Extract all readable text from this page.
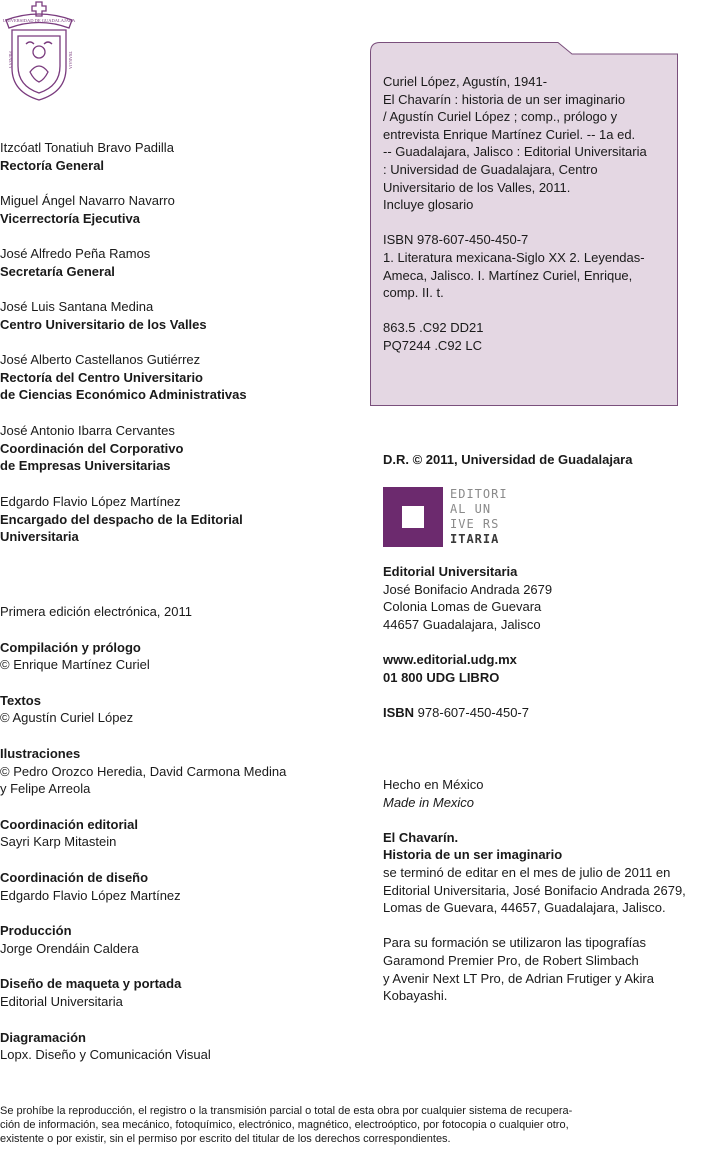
UNIVERSIDAD DE GUADALAJARA
PIENSA Y	TRABAJA
Itzcóatl Tonatiuh Bravo Padilla
Rectoría General
Miguel Ángel Navarro Navarro
Vicerrectoría Ejecutiva
José Alfredo Peña Ramos
Secretaría General
José Luis Santana Medina
Centro Universitario de los Valles
José Alberto Castellanos Gutiérrez
Rectoría del Centro Universitario
de Ciencias Económico Administrativas
José Antonio Ibarra Cervantes
Coordinación del Corporativo
de Empresas Universitarias
Edgardo Flavio López Martínez
Encargado del despacho de la Editorial
Universitaria
Primera edición electrónica, 2011
Compilación y prólogo
© Enrique Martínez Curiel
Textos
© Agustín Curiel López
Ilustraciones
© Pedro Orozco Heredia, David Carmona Medina
y Felipe Arreola
Coordinación editorial
Sayri Karp Mitastein
Coordinación de diseño
Edgardo Flavio López Martínez
Producción
Jorge Orendáin Caldera
Diseño de maqueta y portada
Editorial Universitaria
Diagramación
Lopx. Diseño y Comunicación Visual
Curiel López, Agustín, 1941-
El Chavarín : historia de un ser imaginario
/ Agustín Curiel López ; comp., prólogo y
entrevista Enrique Martínez Curiel. -- 1a ed.
-- Guadalajara, Jalisco : Editorial Universitaria
: Universidad de Guadalajara, Centro
Universitario de los Valles, 2011.
Incluye glosario
ISBN 978-607-450-450-7
1. Literatura mexicana-Siglo XX 2. Leyendas-
Ameca, Jalisco. I. Martínez Curiel, Enrique,
comp. II. t.
863.5 .C92 DD21
PQ7244 .C92 LC
D.R. © 2011, Universidad de Guadalajara
EDITORI
AL UN
IVE RS
ITARIA
Editorial Universitaria
José Bonifacio Andrada 2679
Colonia Lomas de Guevara
44657 Guadalajara, Jalisco
www.editorial.udg.mx
01 800 UDG LIBRO
ISBN 978-607-450-450-7
Hecho en México
Made in Mexico
El Chavarín.
Historia de un ser imaginario
se terminó de editar en el mes de julio de 2011 en
Editorial Universitaria, José Bonifacio Andrada 2679,
Lomas de Guevara, 44657, Guadalajara, Jalisco.
Para su formación se utilizaron las tipografías
Garamond Premier Pro, de Robert Slimbach
y Avenir Next LT Pro, de Adrian Frutiger y Akira
Kobayashi.
Se prohíbe la reproducción, el registro o la transmisión parcial o total de esta obra por cualquier sistema de recupera-
ción de información, sea mecánico, fotoquímico, electrónico, magnético, electroóptico, por fotocopia o cualquier otro,
existente o por existir, sin el permiso por escrito del titular de los derechos correspondientes.
